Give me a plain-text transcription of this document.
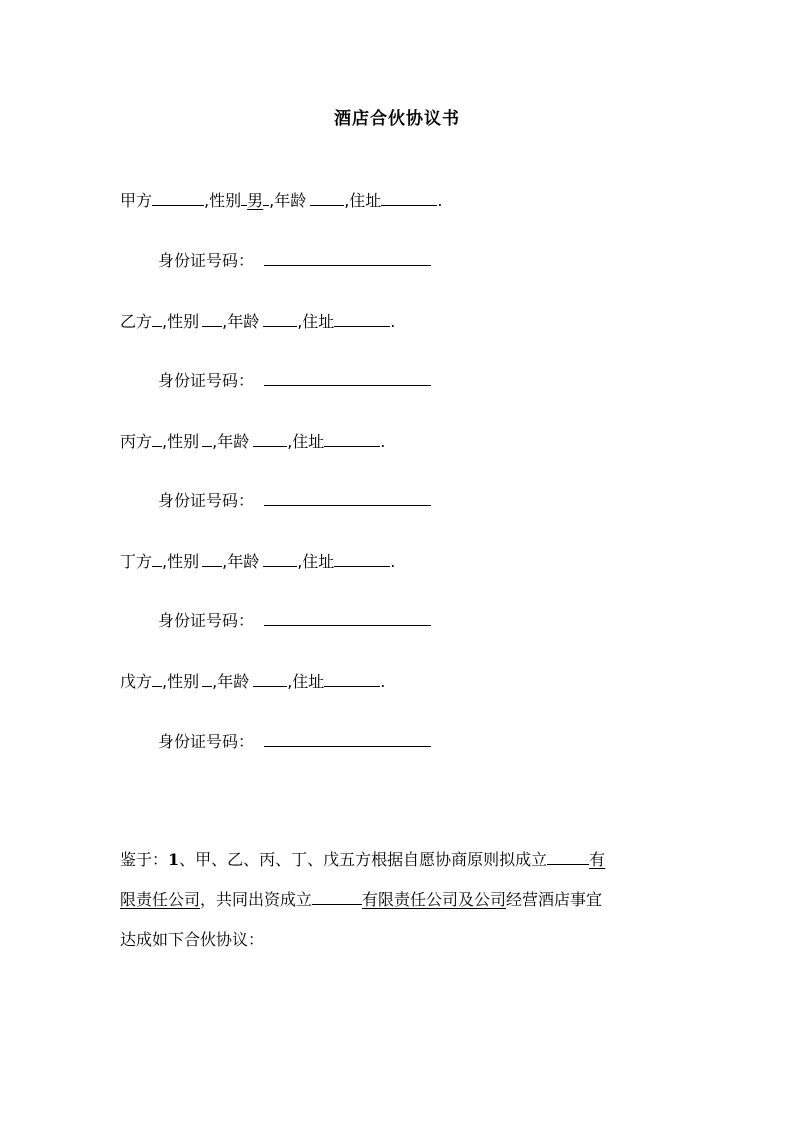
酒店合伙协议书
甲方	,性别 男 ,年龄 ,住址	.
身份证号码：
乙方 ,性别 ,年龄 ,住址	.
身份证号码：
丙方 ,性别 ,年龄 ,住址	.
身份证号码：
丁方 ,性别 ,年龄 ,住址	.
身份证号码：
戊方 ,性别 ,年龄 ,住址	.
身份证号码：
鉴于：1、甲、乙、丙、丁、戊五方根据自愿协商原则拟成立	有
限责任公司，共同出资成立	有限责任公司及公司经营酒店事宜
达成如下合伙协议：
